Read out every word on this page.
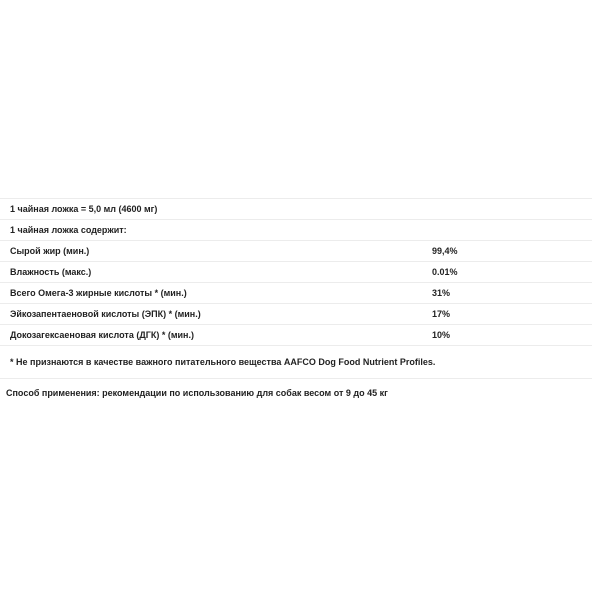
1 чайная ложка = 5,0 мл (4600 мг)
1 чайная ложка содержит:
Сырой жир (мин.)	99,4%
Влажность (макс.)	0.01%
Всего Омега-3 жирные кислоты * (мин.)	31%
Эйкозапентаеновой кислоты (ЭПК) * (мин.)	17%
Докозагексаеновая кислота (ДГК) * (мин.)	10%
* Не признаются в качестве важного питательного вещества AAFCO Dog Food Nutrient Profiles.
Способ применения: рекомендации по использованию для собак весом от 9 до 45 кг
